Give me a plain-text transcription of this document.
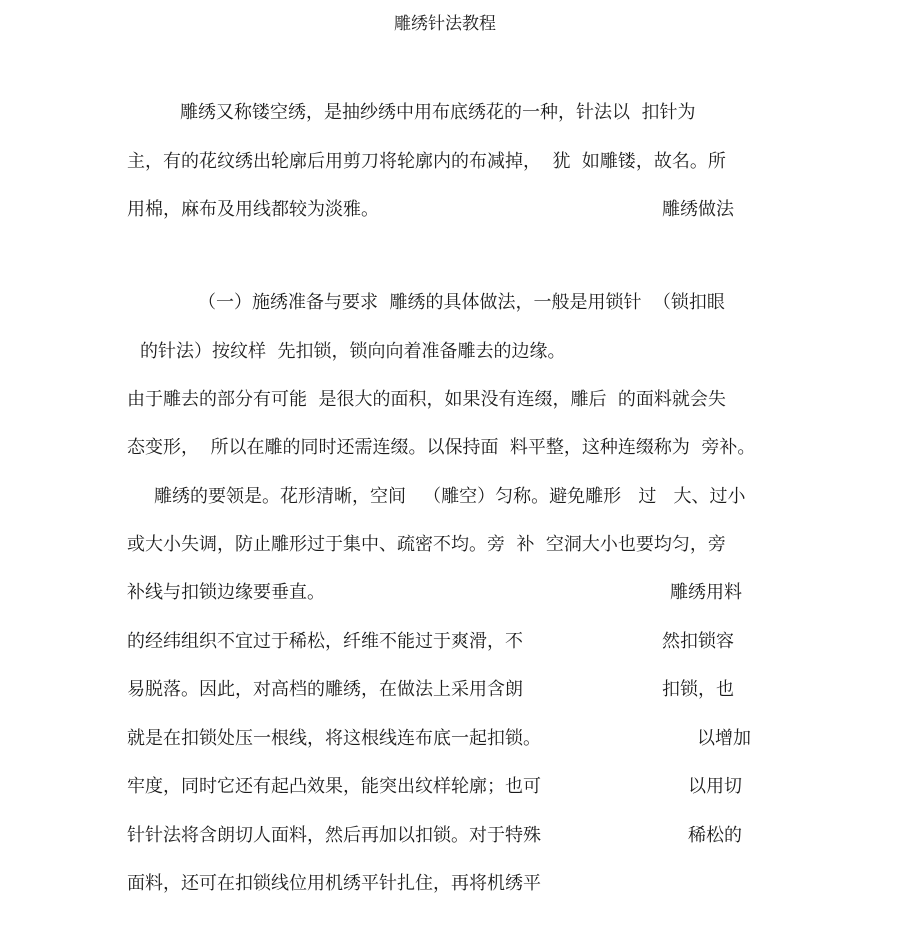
雕绣针法教程
雕绣又称镂空绣，是抽纱绣中用布底绣花的一种，针法以  扣针为
主，有的花纹绣出轮廓后用剪刀将轮廓内的布减掉，  犹  如雕镂，故名。所
用棉，麻布及用线都较为淡雅。	雕绣做法
（一）施绣准备与要求  雕绣的具体做法，一般是用锁针  （锁扣眼
的针法）按纹样  先扣锁，锁向向着准备雕去的边缘。
由于雕去的部分有可能  是很大的面积，如果没有连缀，雕后  的面料就会失
态变形，  所以在雕的同时还需连缀。以保持面  料平整，这种连缀称为  旁补。
雕绣的要领是。花形清晰，空间   （雕空）匀称。避免雕形   过   大、过小
或大小失调，防止雕形过于集中、疏密不均。旁  补  空洞大小也要均匀，旁
补线与扣锁边缘要垂直。	雕绣用料
的经纬组织不宜过于稀松，纤维不能过于爽滑，不	然扣锁容
易脱落。因此，对高档的雕绣，在做法上采用含朗	扣锁，也
就是在扣锁处压一根线，将这根线连布底一起扣锁。	以增加
牢度，同时它还有起凸效果，能突出纹样轮廓；也可	以用切
针针法将含朗切人面料，然后再加以扣锁。对于特殊	稀松的
面料，还可在扣锁线位用机绣平针扎住，再将机绣平
